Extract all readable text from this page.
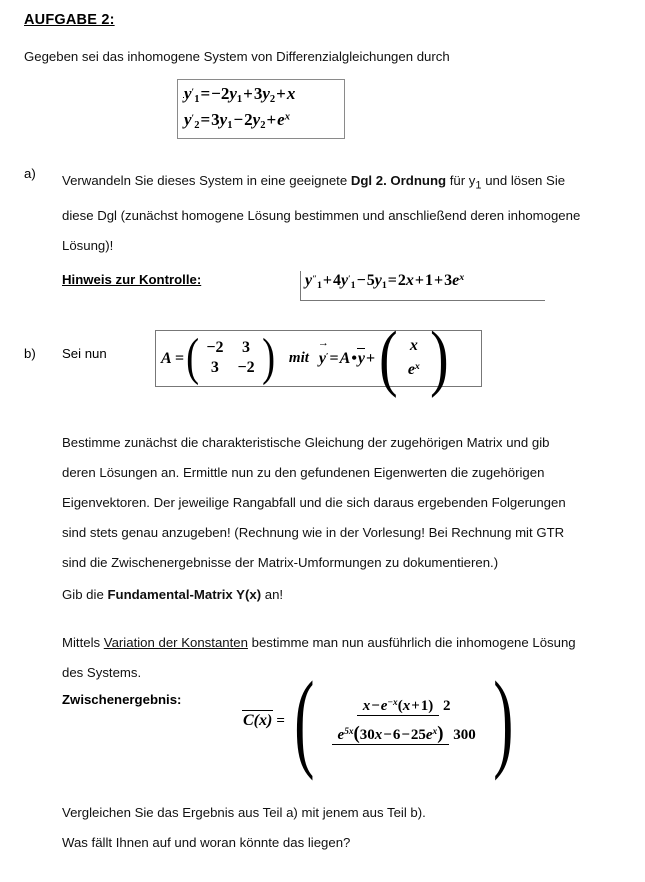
AUFGABE 2:
Gegeben sei das inhomogene System von Differenzialgleichungen durch
$y'_1=-2y_1+3y_2+x$
$y'_2=3y_1-2y_2+e^x$
a) Verwandeln Sie dieses System in eine geeignete Dgl 2. Ordnung für $y_1$ und lösen Sie diese Dgl (zunächst homogene Lösung bestimmen und anschließend deren inhomogene Lösung)!
Hinweis zur Kontrolle:	$y''_1+4y'_1-5y_1=2x+1+3e^x$
b) Sei nun	A = ( −2 3
3 −2 ) mit y →′=A•y+ ( x
$e^x$ )
Bestimme zunächst die charakteristische Gleichung der zugehörigen Matrix und gib deren Lösungen an. Ermittle nun zu den gefundenen Eigenwerten die zugehörigen Eigenvektoren. Der jeweilige Rangabfall und die sich daraus ergebenden Folgerungen sind stets genau anzugeben! (Rechnung wie in der Vorlesung! Bei Rechnung mit GTR sind die Zwischenergebnisse der Matrix-Umformungen zu dokumentieren.)
Gib die Fundamental-Matrix Y(x) an!
Mittels Variation der Konstanten bestimme man nun ausführlich die inhomogene Lösung des Systems.
Zwischenergebnis:
C(x) = (	$x-e^{-x}(x+1)$ 2
$e^{5x}(30x-6-25e^x)$ 300 )
Vergleichen Sie das Ergebnis aus Teil a) mit jenem aus Teil b).
Was fällt Ihnen auf und woran könnte das liegen?
